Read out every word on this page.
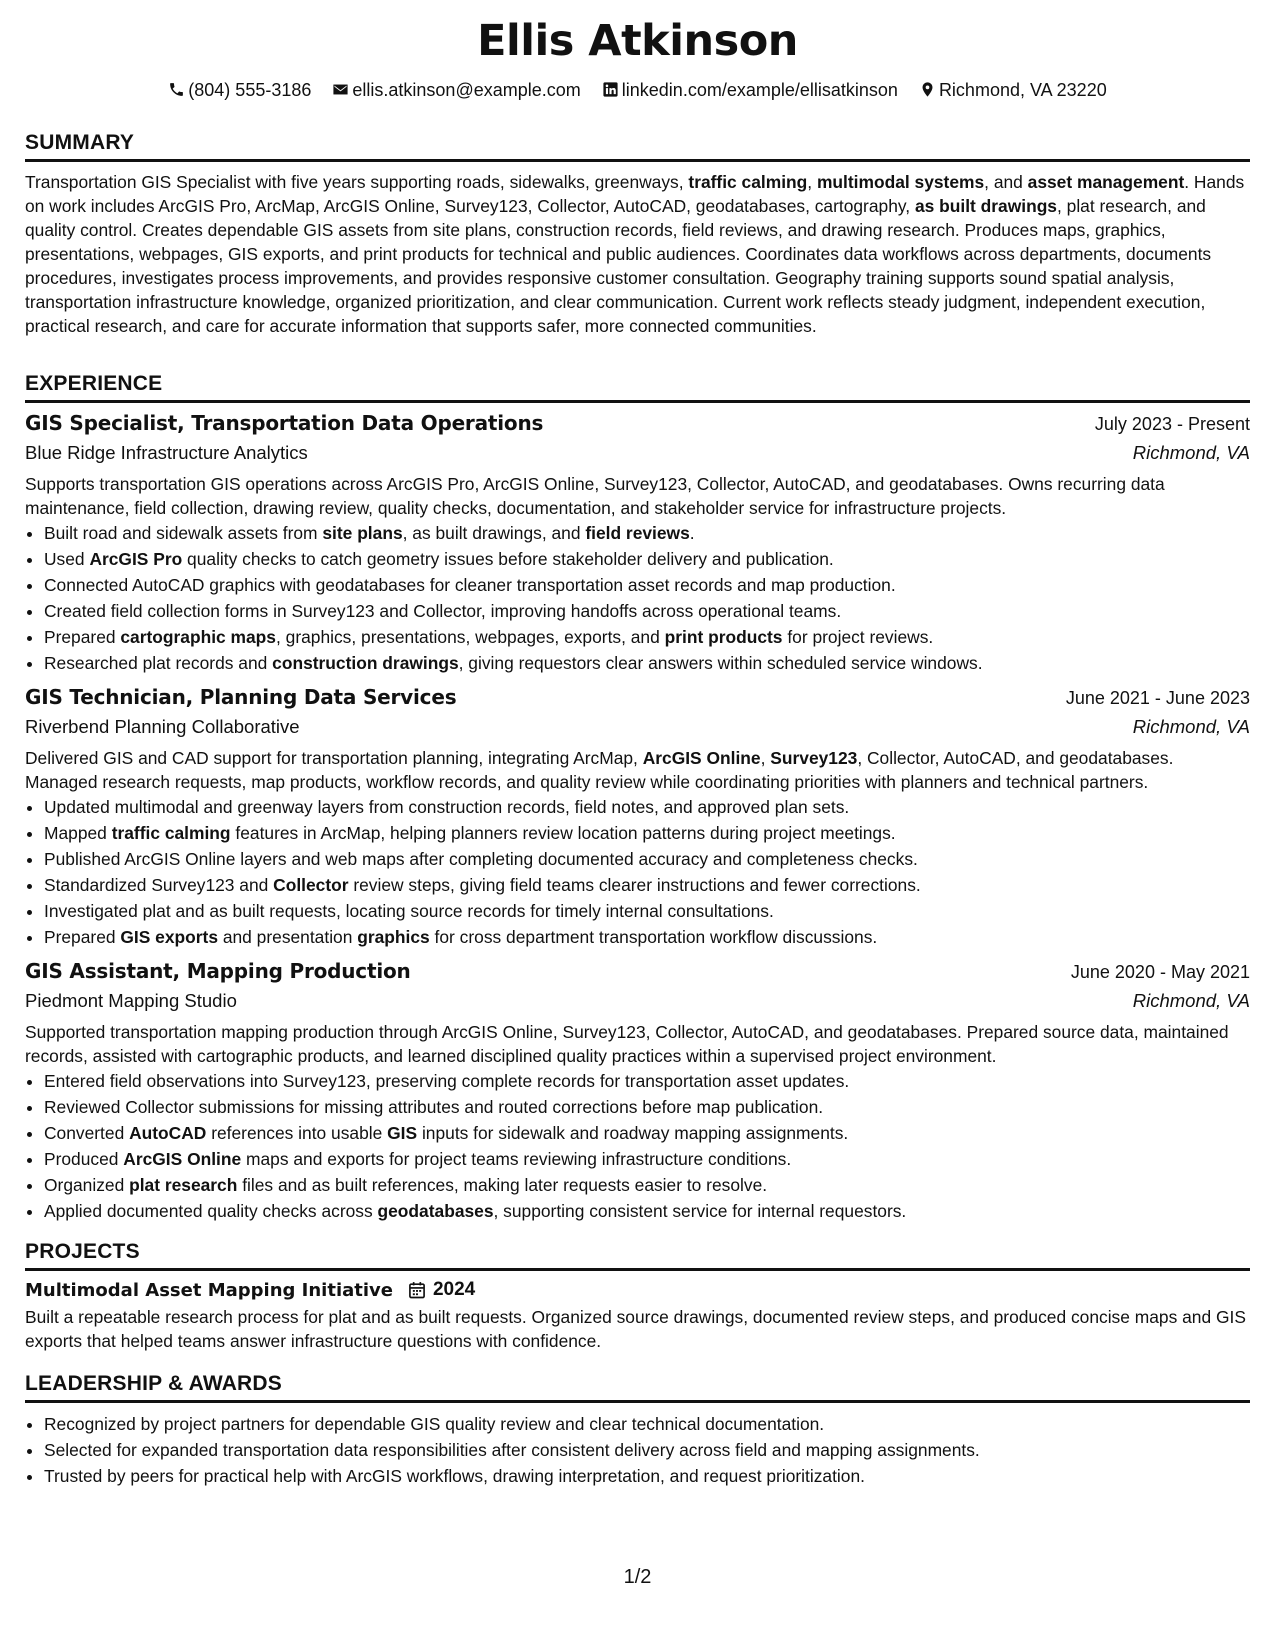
Ellis Atkinson
(804) 555-3186 ellis.atkinson@example.com linkedin.com/example/ellisatkinson Richmond, VA 23220
SUMMARY

Transportation GIS Specialist with five years supporting roads, sidewalks, greenways, traffic calming, multimodal systems, and asset management. Hands on work includes ArcGIS Pro, ArcMap, ArcGIS Online, Survey123, Collector, AutoCAD, geodatabases, cartography, as built drawings, plat research, and quality control. Creates dependable GIS assets from site plans, construction records, field reviews, and drawing research. Produces maps, graphics, presentations, webpages, GIS exports, and print products for technical and public audiences. Coordinates data workflows across departments, documents procedures, investigates process improvements, and provides responsive customer consultation. Geography training supports sound spatial analysis, transportation infrastructure knowledge, organized prioritization, and clear communication. Current work reflects steady judgment, independent execution, practical research, and care for accurate information that supports safer, more connected communities.

EXPERIENCE
GIS Specialist, Transportation Data Operations	July 2023 - Present
Blue Ridge Infrastructure Analytics	Richmond, VA

Supports transportation GIS operations across ArcGIS Pro, ArcGIS Online, Survey123, Collector, AutoCAD, and geodatabases. Owns recurring data maintenance, field collection, drawing review, quality checks, documentation, and stakeholder service for infrastructure projects.

• Built road and sidewalk assets from site plans, as built drawings, and field reviews.
• Used ArcGIS Pro quality checks to catch geometry issues before stakeholder delivery and publication.
• Connected AutoCAD graphics with geodatabases for cleaner transportation asset records and map production.
• Created field collection forms in Survey123 and Collector, improving handoffs across operational teams.
• Prepared cartographic maps, graphics, presentations, webpages, exports, and print products for project reviews.
• Researched plat records and construction drawings, giving requestors clear answers within scheduled service windows.
GIS Technician, Planning Data Services	June 2021 - June 2023
Riverbend Planning Collaborative	Richmond, VA

Delivered GIS and CAD support for transportation planning, integrating ArcMap, ArcGIS Online, Survey123, Collector, AutoCAD, and geodatabases. Managed research requests, map products, workflow records, and quality review while coordinating priorities with planners and technical partners.

• Updated multimodal and greenway layers from construction records, field notes, and approved plan sets.
• Mapped traffic calming features in ArcMap, helping planners review location patterns during project meetings.
• Published ArcGIS Online layers and web maps after completing documented accuracy and completeness checks.
• Standardized Survey123 and Collector review steps, giving field teams clearer instructions and fewer corrections.
• Investigated plat and as built requests, locating source records for timely internal consultations.
• Prepared GIS exports and presentation graphics for cross department transportation workflow discussions.
GIS Assistant, Mapping Production	June 2020 - May 2021
Piedmont Mapping Studio	Richmond, VA

Supported transportation mapping production through ArcGIS Online, Survey123, Collector, AutoCAD, and geodatabases. Prepared source data, maintained records, assisted with cartographic products, and learned disciplined quality practices within a supervised project environment.

• Entered field observations into Survey123, preserving complete records for transportation asset updates.
• Reviewed Collector submissions for missing attributes and routed corrections before map publication.
• Converted AutoCAD references into usable GIS inputs for sidewalk and roadway mapping assignments.
• Produced ArcGIS Online maps and exports for project teams reviewing infrastructure conditions.
• Organized plat research files and as built references, making later requests easier to resolve.
• Applied documented quality checks across geodatabases, supporting consistent service for internal requestors.
PROJECTS
Multimodal Asset Mapping Initiative 2024

Built a repeatable research process for plat and as built requests. Organized source drawings, documented review steps, and produced concise maps and GIS exports that helped teams answer infrastructure questions with confidence.

LEADERSHIP & AWARDS
• Recognized by project partners for dependable GIS quality review and clear technical documentation.
• Selected for expanded transportation data responsibilities after consistent delivery across field and mapping assignments.
• Trusted by peers for practical help with ArcGIS workflows, drawing interpretation, and request prioritization.
1/2
